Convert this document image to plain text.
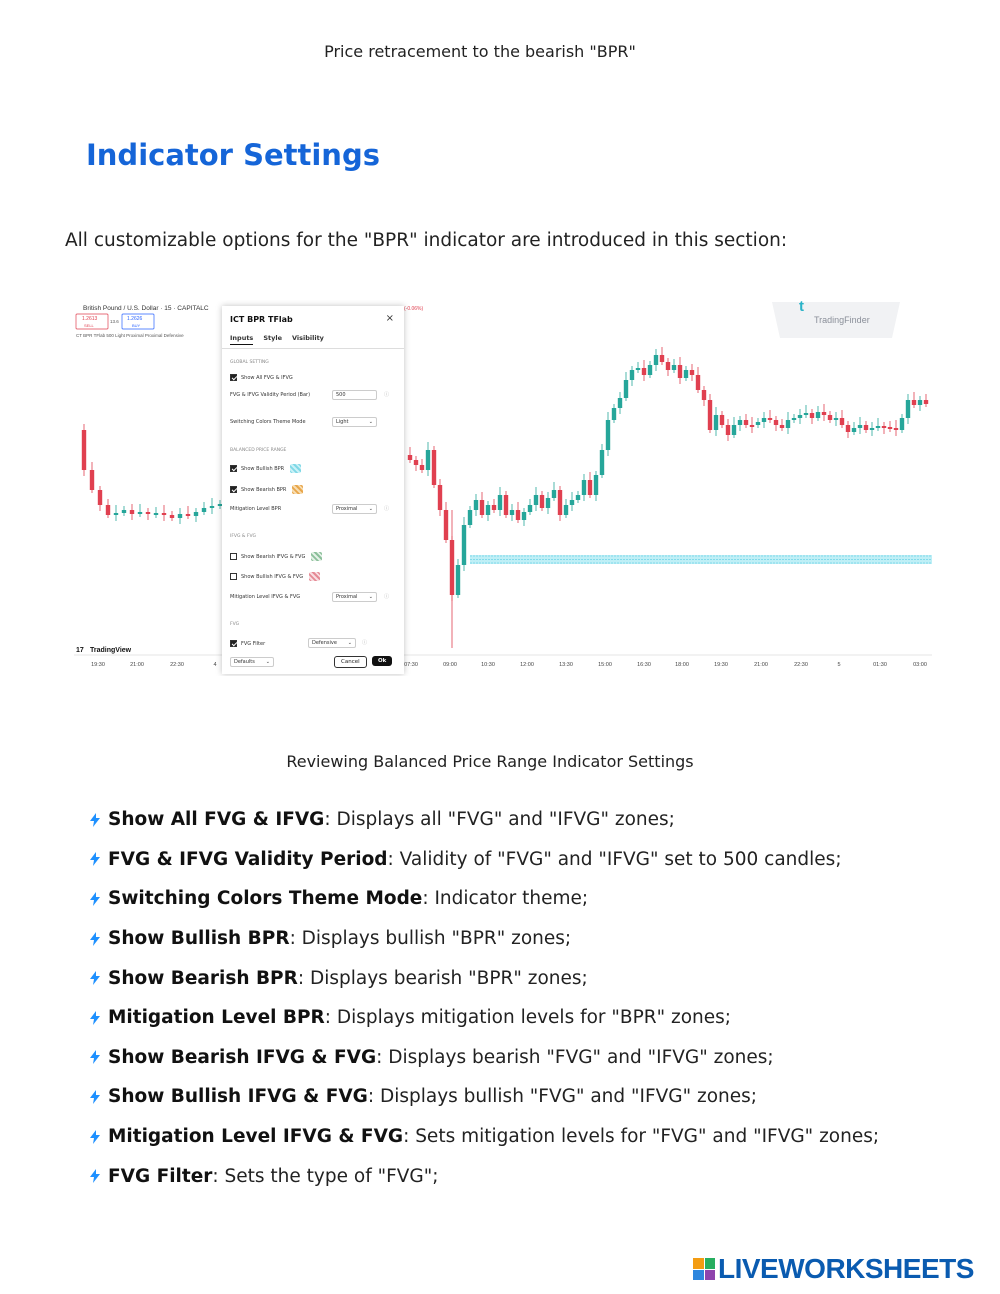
Price retracement to the bearish "BPR"
Indicator Settings

All customizable options for the "BPR" indicator are introduced in this section:

19:30	21:00	22:30	4	07:30	09:00	10:30	12:00	13:30	15:00	16:30	18:00	19:30	21:00	22:30	5	01:30	03:00
British Pound / U.S. Dollar · 15 · CAPITALC
1.2613
SELL
13.6 1.2626
BUY
CT BPR TFlab 500 Light Proximal Proximal Defensive
(-0.06%)	t
TradingFinder
17 TradingView
ICT BPR TFlab	×
Inputs Style Visibility
GLOBAL SETTING
Show All FVG & IFVG
FVG & IFVG Validity Period (Bar)	500	ⓘ
Switching Colors Theme Mode	Light	⌄
BALANCED PRICE RANGE
Show Bullish BPR
Show Bearish BPR
Mitigation Level BPR	Proximal ⌄ ⓘ
IFVG & FVG
Show Bearish IFVG & FVG
Show Bullish IFVG & FVG
Mitigation Level IFVG & FVG	Proximal ⌄ ⓘ
FVG
FVG Filter	Defensive ⌄ ⓘ
Defaults ⌄	Cancel	Ok
Reviewing Balanced Price Range Indicator Settings
Show All FVG & IFVG: Displays all "FVG" and "IFVG" zones;
FVG & IFVG Validity Period: Validity of "FVG" and "IFVG" set to 500 candles;
Switching Colors Theme Mode: Indicator theme;
Show Bullish BPR: Displays bullish "BPR" zones;
Show Bearish BPR: Displays bearish "BPR" zones;
Mitigation Level BPR: Displays mitigation levels for "BPR" zones;
Show Bearish IFVG & FVG: Displays bearish "FVG" and "IFVG" zones;
Show Bullish IFVG & FVG: Displays bullish "FVG" and "IFVG" zones;
Mitigation Level IFVG & FVG: Sets mitigation levels for "FVG" and "IFVG" zones;
FVG Filter: Sets the type of "FVG";
LIVEWORKSHEETS
